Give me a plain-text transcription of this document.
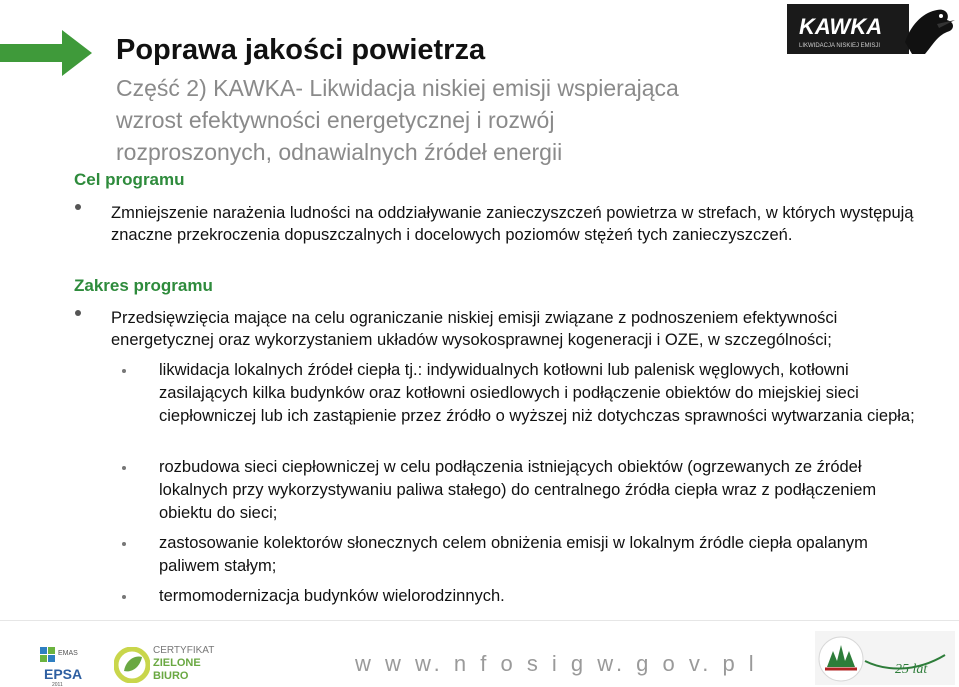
KAWKA
LIKWIDACJA NISKIEJ EMISJI
Poprawa jakości powietrza
Część 2) KAWKA- Likwidacja niskiej emisji wspierająca
wzrost efektywności energetycznej i rozwój
rozproszonych, odnawialnych źródeł energii
Cel programu

Zmniejszenie narażenia ludności na oddziaływanie zanieczyszczeń powietrza w strefach, w których występują znaczne przekroczenia dopuszczalnych i docelowych poziomów stężeń tych zanieczyszczeń.

Zakres programu

Przedsięwzięcia mające na celu ograniczanie niskiej emisji związane z podnoszeniem efektywności energetycznej oraz wykorzystaniem układów wysokosprawnej kogeneracji i OZE, w szczególności;

likwidacja lokalnych źródeł ciepła tj.: indywidualnych kotłowni lub palenisk węglowych, kotłowni zasilających kilka budynków oraz kotłowni osiedlowych i podłączenie obiektów do miejskiej sieci ciepłowniczej lub ich zastąpienie przez źródło o wyższej niż dotychczas sprawności wytwarzania ciepła;

rozbudowa sieci ciepłowniczej w celu podłączenia istniejących obiektów (ogrzewanych ze źródeł lokalnych przy wykorzystywaniu paliwa stałego) do centralnego źródła ciepła wraz z podłączeniem obiektu do sieci;

zastosowanie kolektorów słonecznych celem obniżenia emisji w lokalnym źródle ciepła opalanym paliwem stałym;

termomodernizacja budynków wielorodzinnych.

EMAS
EPSA
2011
CERTYFIKAT
ZIELONE
BIURO	w w w. n f o s i g w. g o v. p l	25 lat
